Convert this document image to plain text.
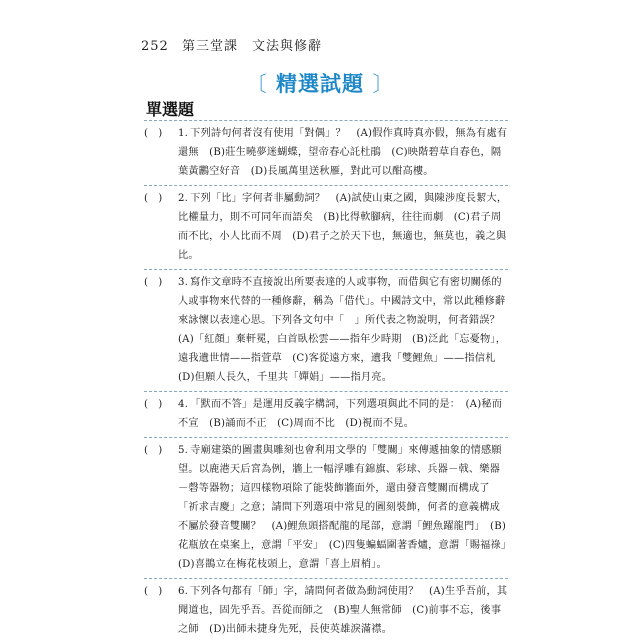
252 第三堂課　文法與修辭
〔 精選試題 〕
單選題
( ) 1. 下列詩句何者沒有使用「對偶」？　(A)假作真時真亦假，無為有處有還無　(B)莊生曉夢迷蝴蝶，望帝春心託杜鵑　(C)映階碧草自春色，隔葉黃鸝空好音　(D)長風萬里送秋雁，對此可以酣高樓。
( ) 2. 下列「比」字何者非屬動詞？　(A)試使山東之國，與陳涉度長絜大，比權量力，則不可同年而語矣　(B)比得軟腳病，往往而劇　(C)君子周而不比，小人比而不周　(D)君子之於天下也，無適也，無莫也，義之與比。
( ) 3. 寫作文章時不直接說出所要表達的人或事物，而借與它有密切關係的人或事物來代替的一種修辭，稱為「借代」。中國詩文中，常以此種修辭來詠懷以表達心思。下列各文句中「　」所代表之物說明，何者錯誤？　(A)「紅顏」棄軒冕，白首臥松雲——指年少時期　(B)泛此「忘憂物」，遠我遺世情——指萱草　(C)客從遠方來，遺我「雙鯉魚」——指信札　(D)但願人長久，千里共「嬋娟」——指月亮。
( ) 4. 「默而不答」是運用反義字構詞，下列選項與此不同的是：　(A)秘而不宣　(B)誦而不正　(C)周而不比　(D)視而不見。
( ) 5. 寺廟建築的圖畫與雕刻也會利用文學的「雙關」來傳遞抽象的情感願望。以鹿港天后宮為例，牆上一幅浮雕有錦旗、彩球、兵器－戟、樂器－磬等器物；這四樣物項除了能裝飾牆面外，還由發音雙關而構成了「祈求吉慶」之意；請問下列選項中常見的圖刻裝飾，何者的意義構成不屬於發音雙關？　(A)鯉魚頭搭配龍的尾部，意謂「鯉魚躍龍門」　(B)花瓶放在桌案上，意謂「平安」　(C)四隻蝙蝠圍著香爐，意謂「賜福祿」　(D)喜鵲立在梅花枝頭上，意謂「喜上眉梢」。
( ) 6. 下列各句都有「師」字，請問何者做為動詞使用？　(A)生乎吾前，其聞道也，固先乎吾。吾從而師之　(B)聖人無常師　(C)前事不忘，後事之師　(D)出師未捷身先死，長使英雄淚滿襟。
